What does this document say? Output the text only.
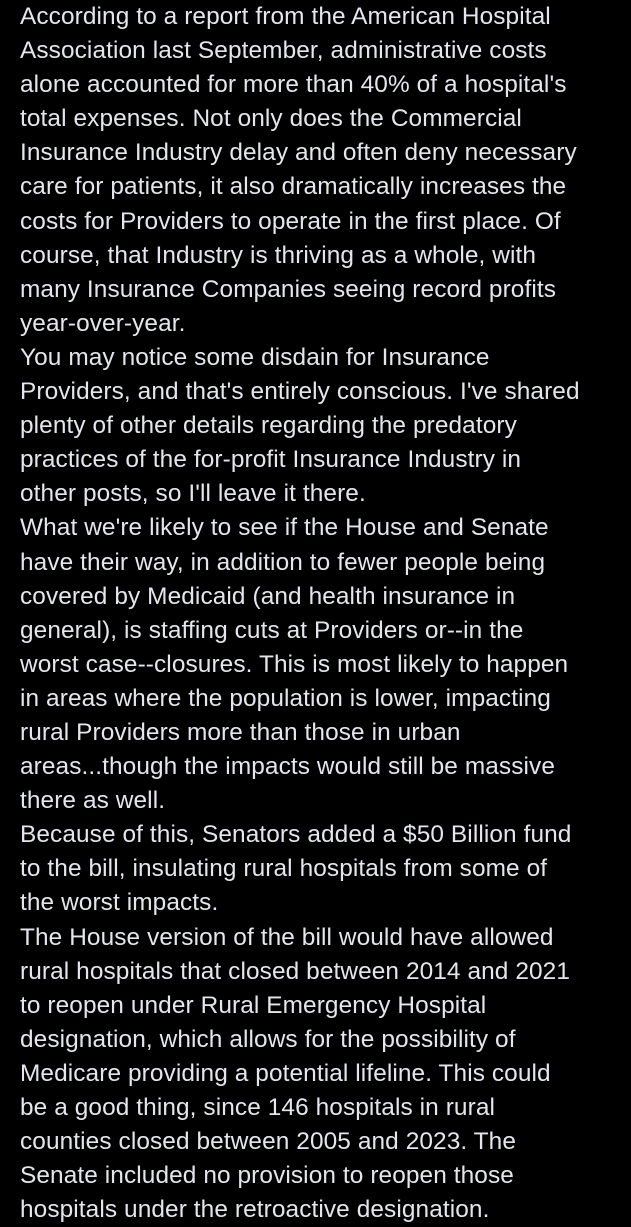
According to a report from the American Hospital
Association last September, administrative costs
alone accounted for more than 40% of a hospital's
total expenses. Not only does the Commercial
Insurance Industry delay and often deny necessary
care for patients, it also dramatically increases the
costs for Providers to operate in the first place. Of
course, that Industry is thriving as a whole, with
many Insurance Companies seeing record profits
year-over-year.
You may notice some disdain for Insurance
Providers, and that's entirely conscious. I've shared
plenty of other details regarding the predatory
practices of the for-profit Insurance Industry in
other posts, so I'll leave it there.
What we're likely to see if the House and Senate
have their way, in addition to fewer people being
covered by Medicaid (and health insurance in
general), is staffing cuts at Providers or--in the
worst case--closures. This is most likely to happen
in areas where the population is lower, impacting
rural Providers more than those in urban
areas...though the impacts would still be massive
there as well.
Because of this, Senators added a $50 Billion fund
to the bill, insulating rural hospitals from some of
the worst impacts.
The House version of the bill would have allowed
rural hospitals that closed between 2014 and 2021
to reopen under Rural Emergency Hospital
designation, which allows for the possibility of
Medicare providing a potential lifeline. This could
be a good thing, since 146 hospitals in rural
counties closed between 2005 and 2023. The
Senate included no provision to reopen those
hospitals under the retroactive designation.
